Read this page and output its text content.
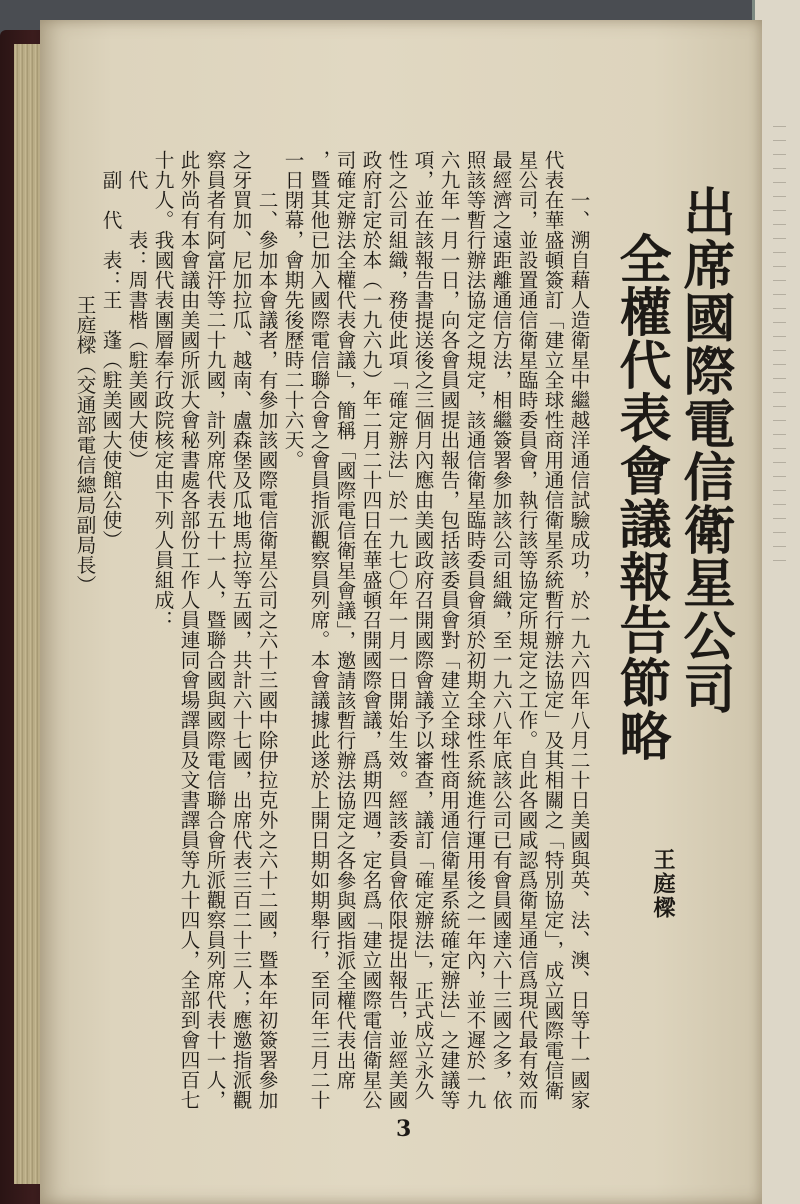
｜｜｜｜｜｜｜｜｜｜｜｜｜｜｜｜｜｜｜｜｜｜｜｜｜｜｜｜｜｜｜｜
出席國際電信衛星公司
全權代表會議報告節略
王庭樑
一、溯自藉人造衛星中繼越洋通信試驗成功，於一九六四年八月二十日美國與英、法、澳、日等十一國家
代表在華盛頓簽訂「建立全球性商用通信衛星系統暫行辦法協定」及其相關之「特別協定」，成立國際電信衛
星公司，並設置通信衛星臨時委員會，執行該等協定所規定之工作。自此各國咸認爲衛星通信爲現代最有效而
最經濟之遠距離通信方法，相繼簽署參加該公司組織，至一九六八年底該公司已有會員國達六十三國之多，依
照該等暫行辦法協定之規定，該通信衛星臨時委員會須於初期全球性系統進行運用後之一年內，並不遲於一九
六九年一月一日，向各會員國提出報告，包括該委員會對「建立全球性商用通信衛星系統確定辦法」之建議等
項，並在該報告書提送後之三個月內應由美國政府召開國際會議予以審查，議訂「確定辦法」，正式成立永久
性之公司組織，務使此項「確定辦法」於一九七〇年一月一日開始生效。經該委員會依限提出報告，並經美國
政府訂定於本（一九六九）年二月二十四日在華盛頓召開國際會議，爲期四週，定名爲「建立國際電信衛星公
司確定辦法全權代表會議」，簡稱「國際電信衛星會議」，邀請該暫行辦法協定之各參與國指派全權代表出席
，暨其他已加入國際電信聯合會之會員指派觀察員列席。本會議據此遂於上開日期如期舉行，至同年三月二十
一日閉幕，會期先後歷時二十六天。
二、參加本會議者，有參加該國際電信衛星公司之六十三國中除伊拉克外之六十二國，暨本年初簽署參加
之牙買加、尼加拉瓜、越南、盧森堡及瓜地馬拉等五國，共計六十七國，出席代表三百二十三人；應邀指派觀
察員者有阿富汗等二十九國，計列席代表五十一人，暨聯合國與國際電信聯合會所派觀察員列席代表十一人，
此外尚有本會議由美國所派大會秘書處各部份工作人員連同會場譯員及文書譯員等九十四人，全部到會四百七
十九人。我國代表團層奉行政院核定由下列人員組成：
代　　表：周書楷（駐美國大使）
副　代　表：王　蓬（駐美國大使館公使）
王庭樑（交通部電信總局副局長）
3
